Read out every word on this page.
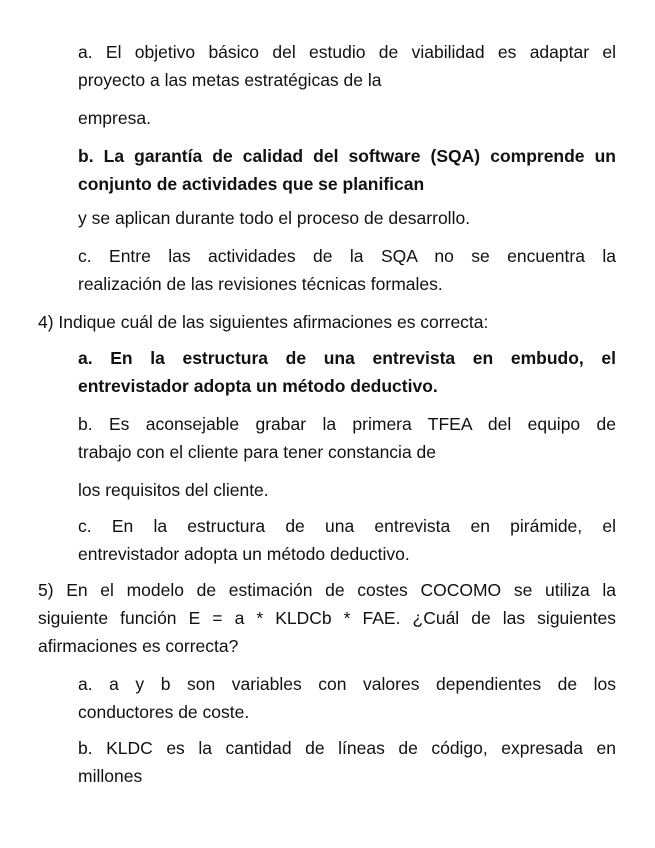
a. El objetivo básico del estudio de viabilidad es adaptar el
proyecto a las metas estratégicas de la
empresa.
b. La garantía de calidad del software (SQA) comprende un
conjunto de actividades que se planifican
y se aplican durante todo el proceso de desarrollo.
c. Entre las actividades de la SQA no se encuentra la
realización de las revisiones técnicas formales.
4) Indique cuál de las siguientes afirmaciones es correcta:
a. En la estructura de una entrevista en embudo, el
entrevistador adopta un método deductivo.
b. Es aconsejable grabar la primera TFEA del equipo de
trabajo con el cliente para tener constancia de
los requisitos del cliente.
c. En la estructura de una entrevista en pirámide, el
entrevistador adopta un método deductivo.
5) En el modelo de estimación de costes COCOMO se utiliza la
siguiente función E = a * KLDCb * FAE. ¿Cuál de las siguientes
afirmaciones es correcta?
a. a y b son variables con valores dependientes de los
conductores de coste.
b. KLDC es la cantidad de líneas de código, expresada en
millones
